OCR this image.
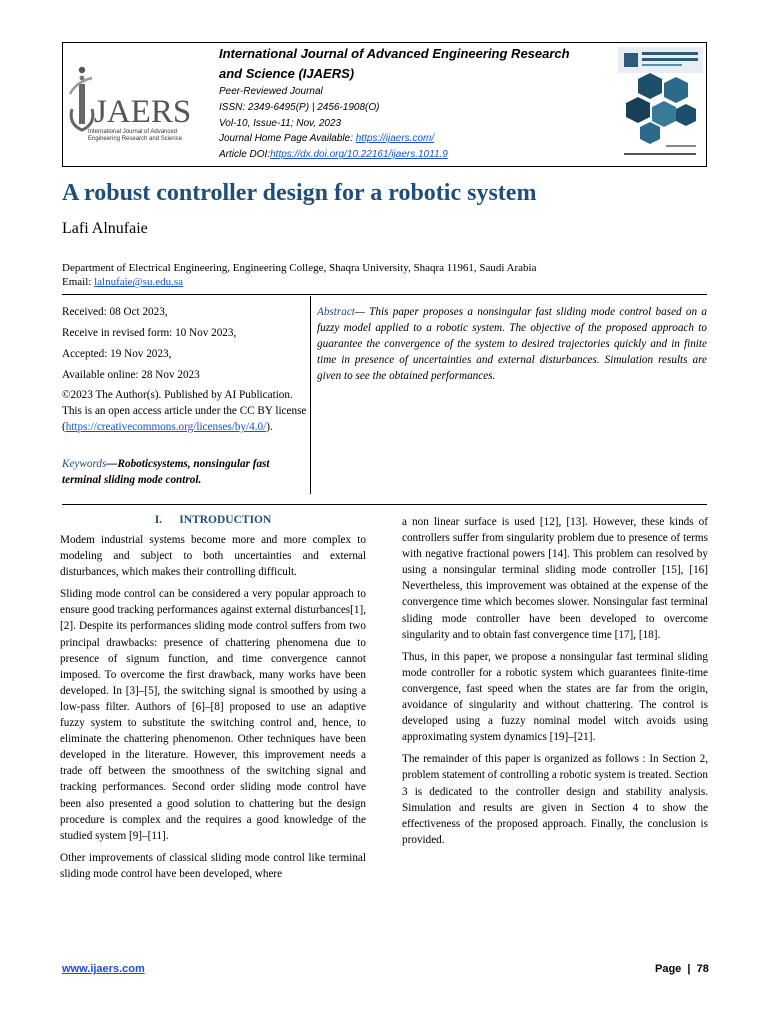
JAERS
International Journal of Advanced
Engineering Research and Science
International Journal of Advanced Engineering Research
and Science (IJAERS)
Peer-Reviewed Journal
ISSN: 2349-6495(P) | 2456-1908(O)
Vol-10, Issue-11; Nov, 2023
Journal Home Page Available: https://ijaers.com/
Article DOI:https://dx.doi.org/10.22161/ijaers.1011.9
A robust controller design for a robotic system
Lafi Alnufaie
Department of Electrical Engineering, Engineering College, Shaqra University, Shaqra 11961, Saudi Arabia
Email: lalnufaie@su.edu.sa
Received: 08 Oct 2023,
Receive in revised form: 10 Nov 2023,
Accepted: 19 Nov 2023,
Available online: 28 Nov 2023
©2023 The Author(s). Published by AI Publication. This is an open access article under the CC BY license (https://creativecommons.org/licenses/by/4.0/).
Keywords—Roboticsystems, nonsingular fast terminal sliding mode control.
Abstract— This paper proposes a nonsingular fast sliding mode control based on a fuzzy model applied to a robotic system. The objective of the proposed approach to guarantee the convergence of the system to desired trajectories quickly and in finite time in presence of uncertainties and external disturbances. Simulation results are given to see the obtained performances.
I.      INTRODUCTION

Modem industrial systems become more and more complex to modeling and subject to both uncertainties and external disturbances, which makes their controlling difficult.

Sliding mode control can be considered a very popular approach to ensure good tracking performances against external disturbances[1],[2]. Despite its performances sliding mode control suffers from two principal drawbacks: presence of chattering phenomena due to presence of signum function, and time convergence cannot imposed. To overcome the first drawback, many works have been developed. In [3]–[5], the switching signal is smoothed by using a low-pass filter. Authors of [6]–[8] proposed to use an adaptive fuzzy system to substitute the switching control and, hence, to eliminate the chattering phenomenon. Other techniques have been developed in the literature. However, this improvement needs a trade off between the smoothness of the switching signal and tracking performances. Second order sliding mode control have been also presented a good solution to chattering but the design procedure is complex and the requires a good knowledge of the studied system [9]–[11].

Other improvements of classical sliding mode control like terminal sliding mode control have been developed, where

a non linear surface is used [12], [13]. However, these kinds of controllers suffer from singularity problem due to presence of terms with negative fractional powers [14]. This problem can resolved by using a nonsingular terminal sliding mode controller [15], [16] Nevertheless, this improvement was obtained at the expense of the convergence time which becomes slower. Nonsingular fast terminal sliding mode controller have been developed to overcome singularity and to obtain fast convergence time [17], [18].

Thus, in this paper, we propose a nonsingular fast terminal sliding mode controller for a robotic system which guarantees finite-time convergence, fast speed when the states are far from the origin, avoidance of singularity and without chattering. The control is developed using a fuzzy nominal model witch avoids using approximating system dynamics [19]–[21].

The remainder of this paper is organized as follows : In Section 2, problem statement of controlling a robotic system is treated. Section 3 is dedicated to the controller design and stability analysis. Simulation and results are given in Section 4 to show the effectiveness of the proposed approach. Finally, the conclusion is provided.

www.ijaers.com	Page  |  78
